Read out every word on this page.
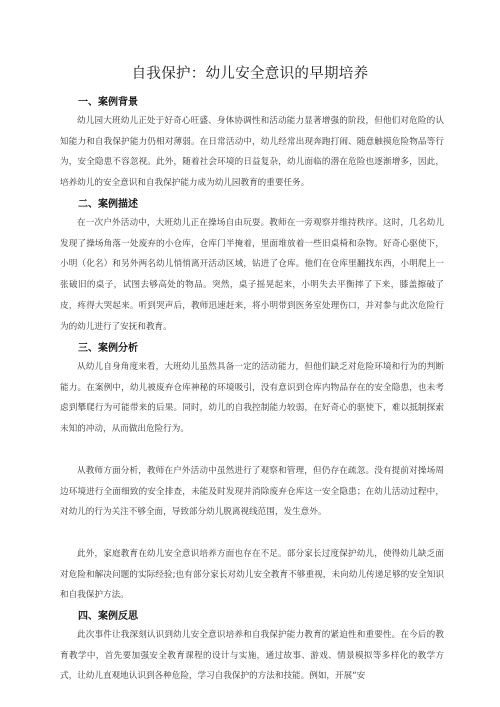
自我保护：幼儿安全意识的早期培养
一、案例背景

幼儿园大班幼儿正处于好奇心旺盛、身体协调性和活动能力显著增强的阶段，但他们对危险的认知能力和自我保护能力仍相对薄弱。在日常活动中，幼儿经常出现奔跑打闹、随意触摸危险物品等行为，安全隐患不容忽视。此外，随着社会环境的日益复杂，幼儿面临的潜在危险也逐渐增多，因此，培养幼儿的安全意识和自我保护能力成为幼儿园教育的重要任务。

二、案例描述

在一次户外活动中，大班幼儿正在操场自由玩耍。教师在一旁观察并维持秩序。这时，几名幼儿发现了操场角落一处废弃的小仓库，仓库门半掩着，里面堆放着一些旧桌椅和杂物。好奇心驱使下，小明（化名）和另外两名幼儿悄悄离开活动区域，钻进了仓库。他们在仓库里翻找东西，小明爬上一张破旧的桌子，试图去够高处的物品。突然，桌子摇晃起来，小明失去平衡摔了下来，膝盖擦破了皮，疼得大哭起来。听到哭声后，教师迅速赶来，将小明带到医务室处理伤口，并对参与此次危险行为的幼儿进行了安抚和教育。

三、案例分析

从幼儿自身角度来看，大班幼儿虽然具备一定的活动能力，但他们缺乏对危险环境和行为的判断能力。在案例中，幼儿被废弃仓库神秘的环境吸引，没有意识到仓库内物品存在的安全隐患，也未考虑到攀爬行为可能带来的后果。同时，幼儿的自我控制能力较弱，在好奇心的驱使下，难以抵制探索未知的冲动，从而做出危险行为。

从教师方面分析，教师在户外活动中虽然进行了观察和管理，但仍存在疏忽。没有提前对操场周边环境进行全面细致的安全排查，未能及时发现并消除废弃仓库这一安全隐患；在幼儿活动过程中，对幼儿的行为关注不够全面，导致部分幼儿脱离视线范围，发生意外。

此外，家庭教育在幼儿安全意识培养方面也存在不足。部分家长过度保护幼儿，使得幼儿缺乏面对危险和解决问题的实际经验;也有部分家长对幼儿安全教育不够重视，未向幼儿传递足够的安全知识和自我保护方法。

四、案例反思

此次事件让我深刻认识到幼儿安全意识培养和自我保护能力教育的紧迫性和重要性。在今后的教育教学中，首先要加强安全教育课程的设计与实施，通过故事、游戏、情景模拟等多样化的教学方式，让幼儿直观地认识到各种危险，学习自我保护的方法和技能。例如，开展“安
